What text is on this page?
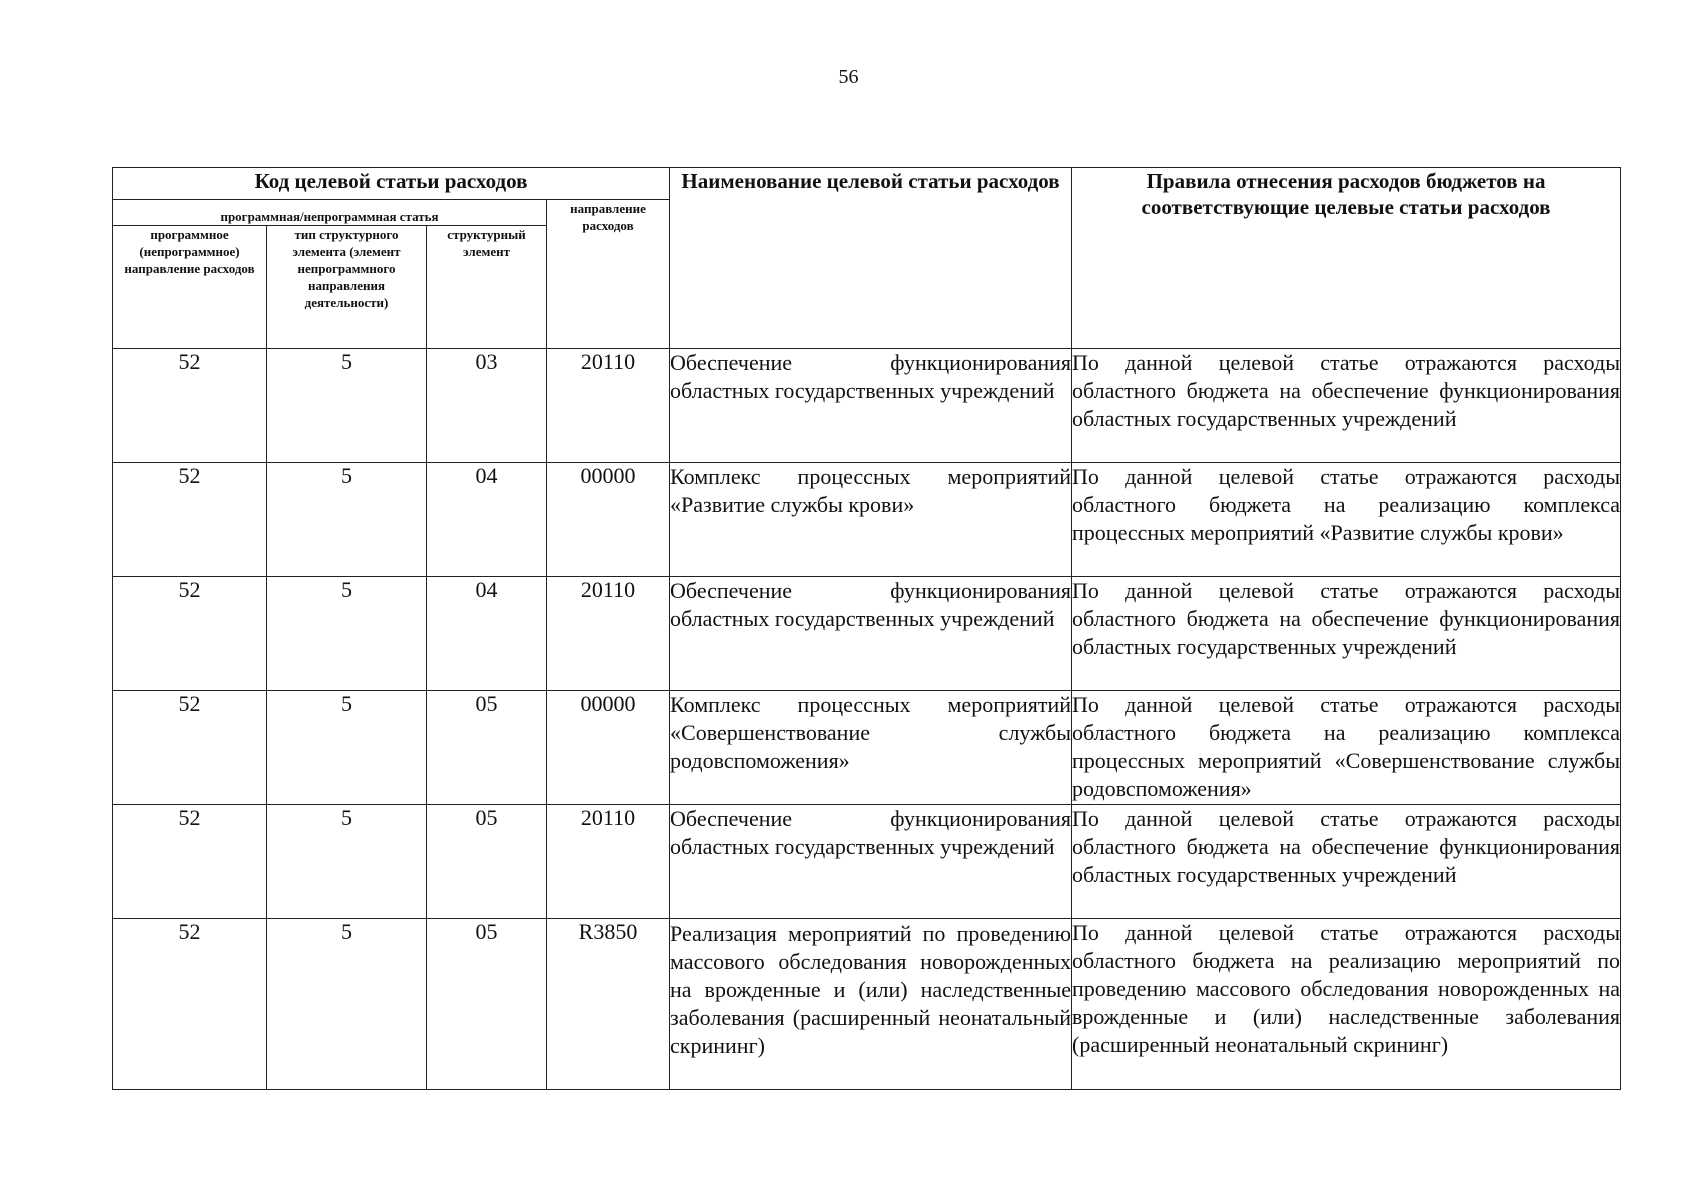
56
Код целевой статьи расходов				Наименование целевой статьи расходов	Правила отнесения расходов бюджетов на соответствующие целевые статьи расходов
программная/непрограммная статья			направление расходов		
программное (непрограммное) направление расходов	тип структурного элемента (элемент непрограммного направления деятельности)	структурный элемент			
52	5	03	20110	Обеспечение функционирования областных государственных учреждений	По данной целевой статье отражаются расходы областного бюджета на обеспечение функционирования областных государственных учреждений
52	5	04	00000	Комплекс процессных мероприятий «Развитие службы крови»	По данной целевой статье отражаются расходы областного бюджета на реализацию комплекса процессных мероприятий «Развитие службы крови»
52	5	04	20110	Обеспечение функционирования областных государственных учреждений	По данной целевой статье отражаются расходы областного бюджета на обеспечение функционирования областных государственных учреждений
52	5	05	00000	Комплекс процессных мероприятий «Совершенствование службы родовспоможения»	По данной целевой статье отражаются расходы областного бюджета на реализацию комплекса процессных мероприятий «Совершенствование службы родовспоможения»
52	5	05	20110	Обеспечение функционирования областных государственных учреждений	По данной целевой статье отражаются расходы областного бюджета на обеспечение функционирования областных государственных учреждений
52	5	05	R3850	Реализация мероприятий по проведению массового обследования новорожденных на врожденные и (или) наследственные заболевания (расширенный неонатальный скрининг)	По данной целевой статье отражаются расходы областного бюджета на реализацию мероприятий по проведению массового обследования новорожденных на врожденные и (или) наследственные заболевания (расширенный неонатальный скрининг)
